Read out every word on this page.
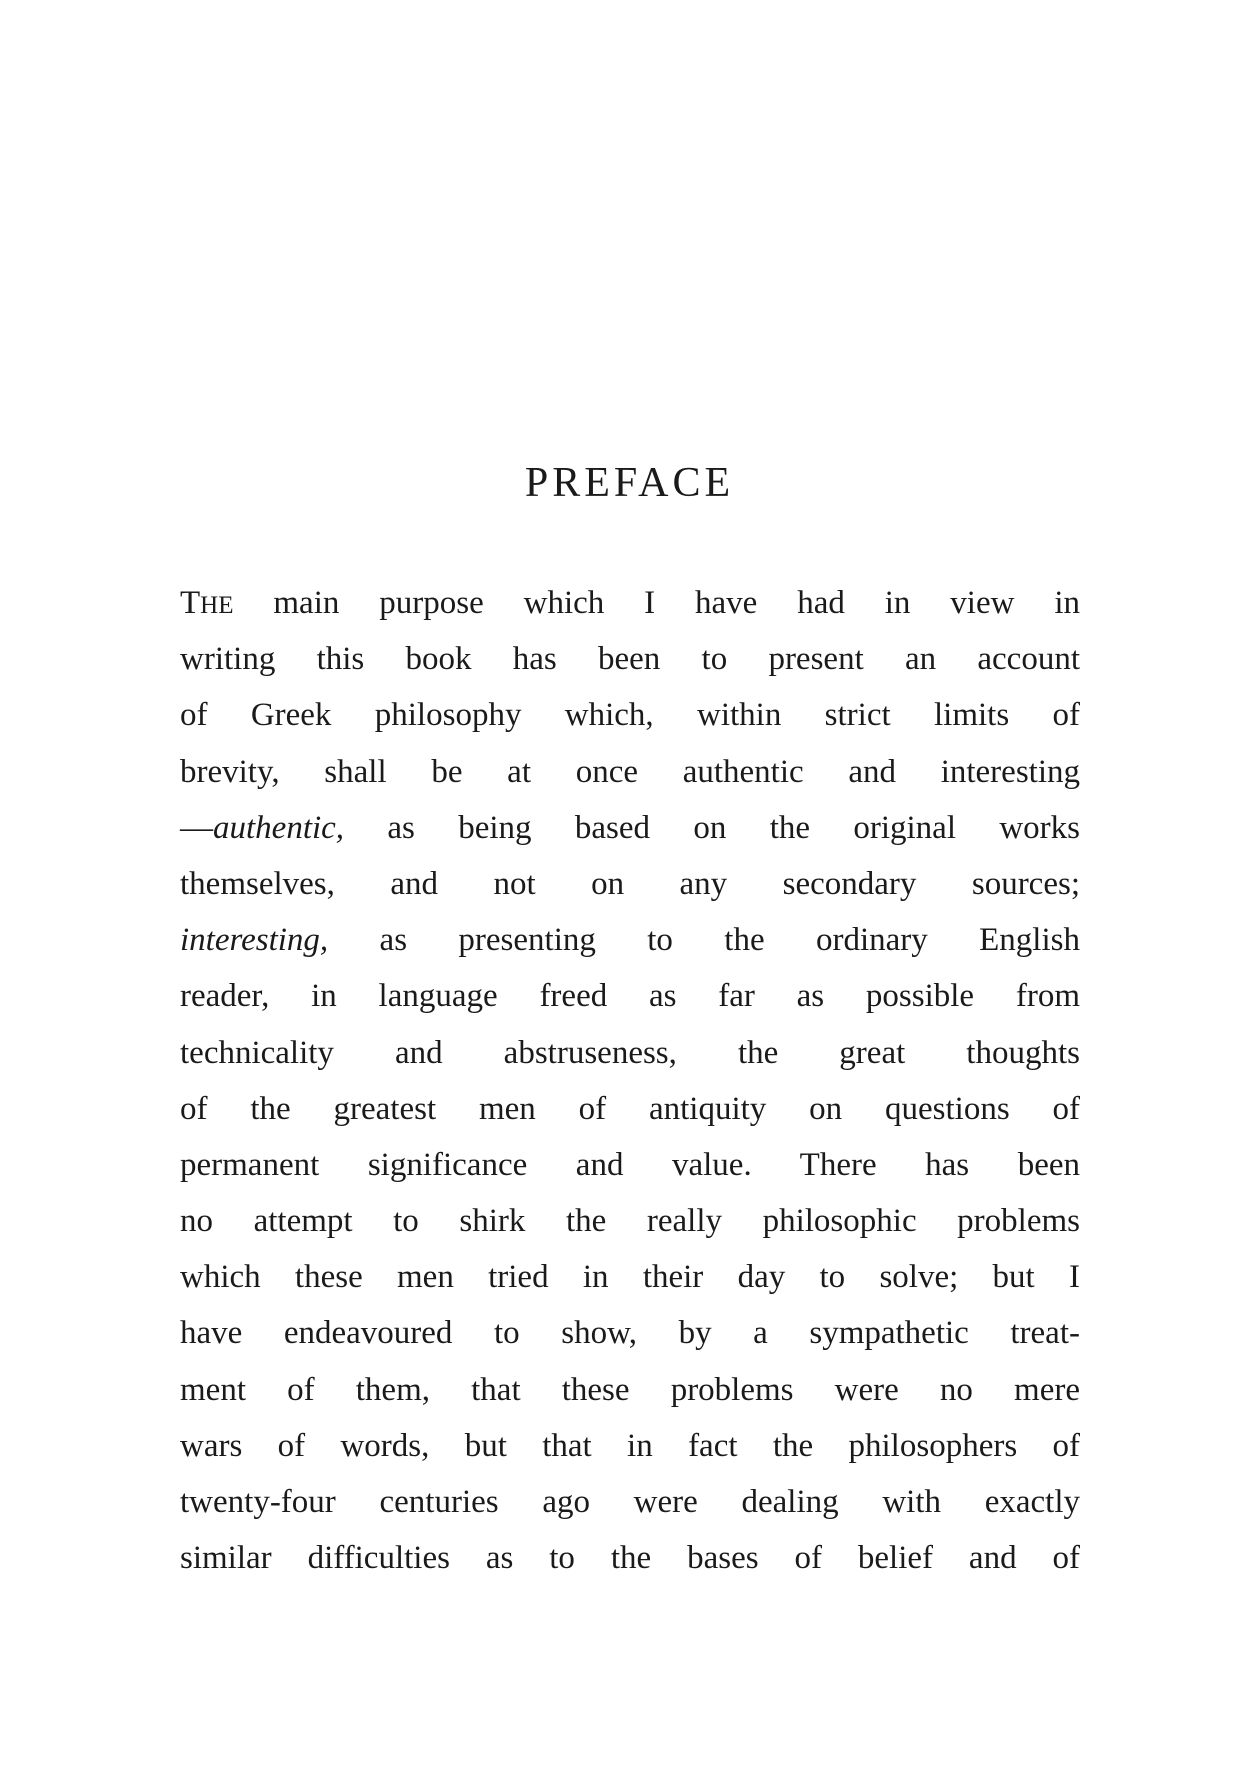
PREFACE
THE main purpose which I have had in view in
writing this book has been to present an account
of Greek philosophy which, within strict limits of
brevity, shall be at once authentic and interesting
—authentic, as being based on the original works
themselves, and not on any secondary sources;
interesting, as presenting to the ordinary English
reader, in language freed as far as possible from
technicality and abstruseness, the great thoughts
of the greatest men of antiquity on questions of
permanent significance and value. There has been
no attempt to shirk the really philosophic problems
which these men tried in their day to solve; but I
have endeavoured to show, by a sympathetic treat-
ment of them, that these problems were no mere
wars of words, but that in fact the philosophers of
twenty-four centuries ago were dealing with exactly
similar difficulties as to the bases of belief and of
